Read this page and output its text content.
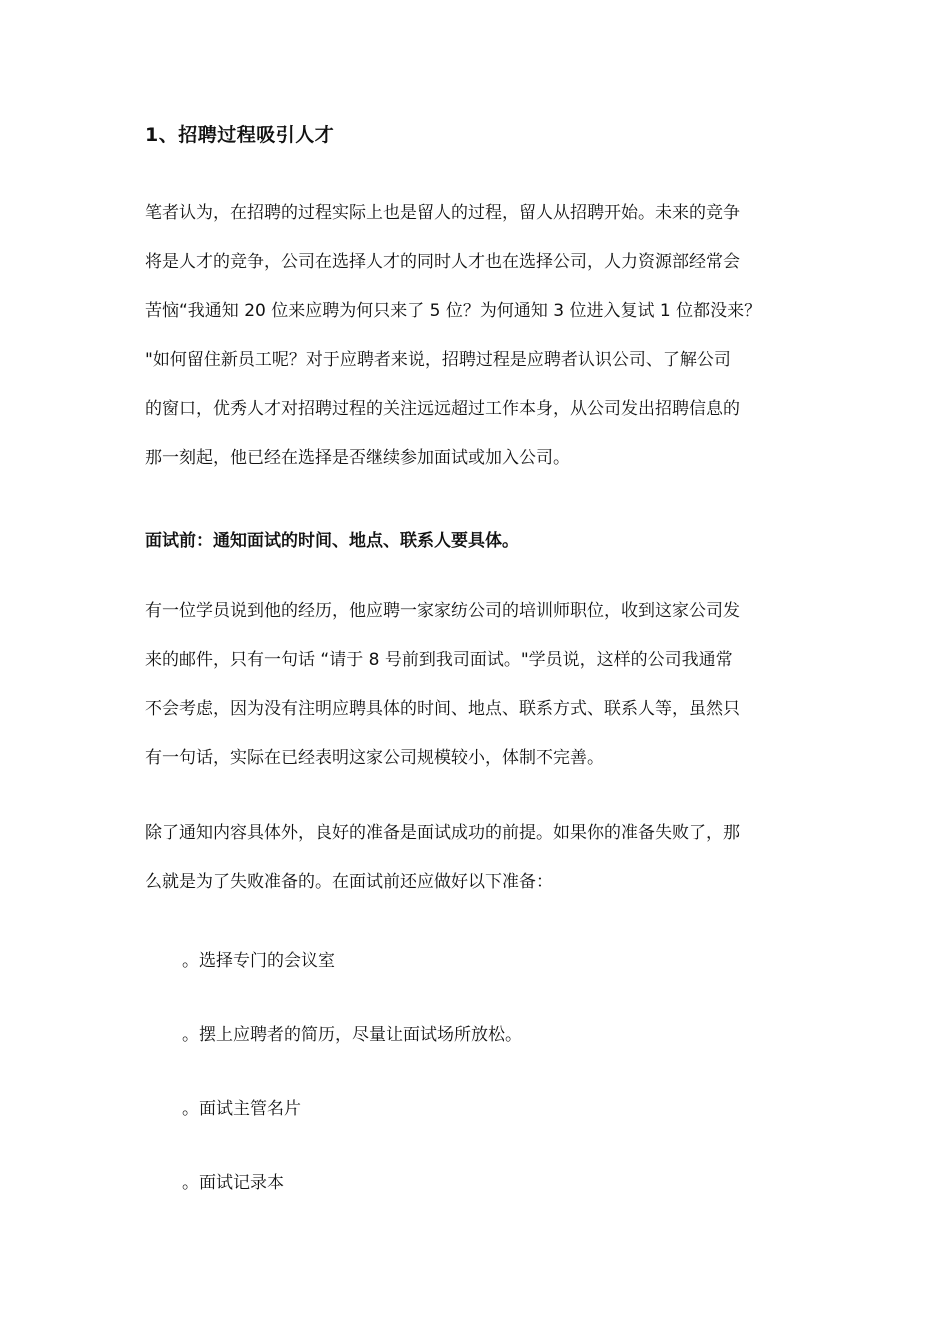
1、招聘过程吸引人才
笔者认为，在招聘的过程实际上也是留人的过程，留人从招聘开始。未来的竞争
将是人才的竞争，公司在选择人才的同时人才也在选择公司，人力资源部经常会
苦恼“我通知 20 位来应聘为何只来了 5 位？为何通知 3 位进入复试 1 位都没来？
"如何留住新员工呢？对于应聘者来说，招聘过程是应聘者认识公司、了解公司
的窗口，优秀人才对招聘过程的关注远远超过工作本身，从公司发出招聘信息的
那一刻起，他已经在选择是否继续参加面试或加入公司。
面试前：通知面试的时间、地点、联系人要具体。
有一位学员说到他的经历，他应聘一家家纺公司的培训师职位，收到这家公司发
来的邮件，只有一句话 “请于 8 号前到我司面试。"学员说，这样的公司我通常
不会考虑，因为没有注明应聘具体的时间、地点、联系方式、联系人等，虽然只
有一句话，实际在已经表明这家公司规模较小，体制不完善。
除了通知内容具体外，良好的准备是面试成功的前提。如果你的准备失败了，那
么就是为了失败准备的。在面试前还应做好以下准备：
。选择专门的会议室
。摆上应聘者的简历，尽量让面试场所放松。
。面试主管名片
。面试记录本
